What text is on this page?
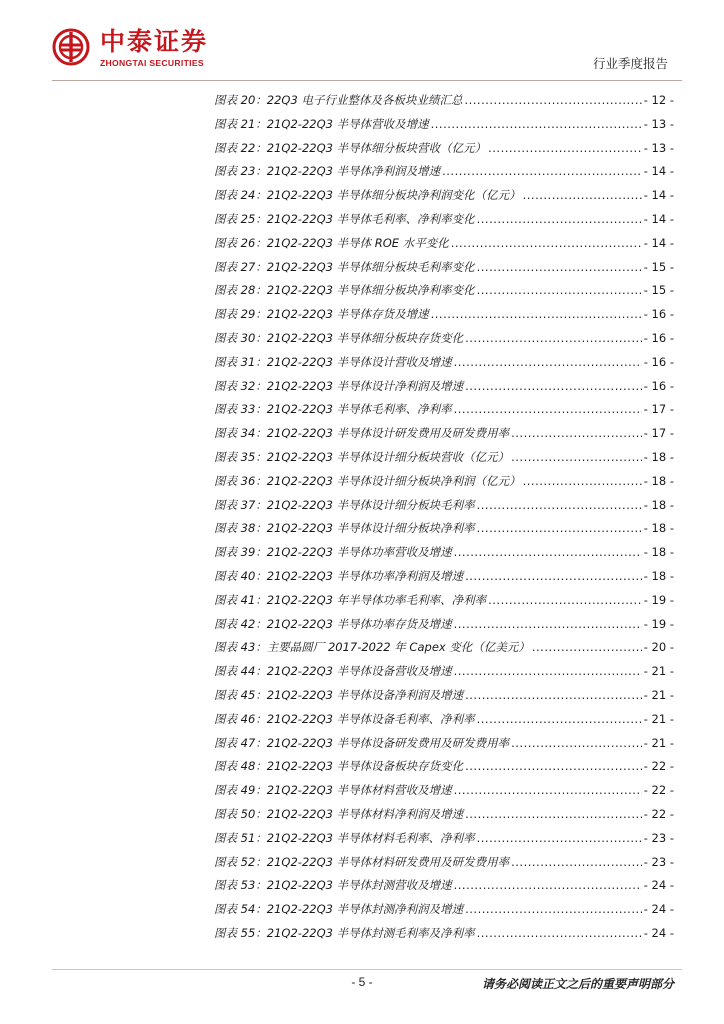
中泰证券
ZHONGTAI SECURITIES	行业季度报告
图表 20：22Q3 电子行业整体及各板块业绩汇总 .....	- 12 -
图表 21：21Q2-22Q3 半导体营收及增速 .....	- 13 -
图表 22：21Q2-22Q3 半导体细分板块营收（亿元） .....	- 13 -
图表 23：21Q2-22Q3 半导体净利润及增速 .....	- 14 -
图表 24：21Q2-22Q3 半导体细分板块净利润变化（亿元） .....	- 14 -
图表 25：21Q2-22Q3 半导体毛利率、净利率变化 .....	- 14 -
图表 26：21Q2-22Q3 半导体 ROE 水平变化 .....	- 14 -
图表 27：21Q2-22Q3 半导体细分板块毛利率变化 .....	- 15 -
图表 28：21Q2-22Q3 半导体细分板块净利率变化 .....	- 15 -
图表 29：21Q2-22Q3 半导体存货及增速 .....	- 16 -
图表 30：21Q2-22Q3 半导体细分板块存货变化 .....	- 16 -
图表 31：21Q2-22Q3 半导体设计营收及增速 .....	- 16 -
图表 32：21Q2-22Q3 半导体设计净利润及增速 .....	- 16 -
图表 33：21Q2-22Q3 半导体毛利率、净利率 .....	- 17 -
图表 34：21Q2-22Q3 半导体设计研发费用及研发费用率 .....	- 17 -
图表 35：21Q2-22Q3 半导体设计细分板块营收（亿元） .....	- 18 -
图表 36：21Q2-22Q3 半导体设计细分板块净利润（亿元） .....	- 18 -
图表 37：21Q2-22Q3 半导体设计细分板块毛利率 .....	- 18 -
图表 38：21Q2-22Q3 半导体设计细分板块净利率 .....	- 18 -
图表 39：21Q2-22Q3 半导体功率营收及增速 .....	- 18 -
图表 40：21Q2-22Q3 半导体功率净利润及增速 .....	- 18 -
图表 41：21Q2-22Q3 年半导体功率毛利率、净利率 .....	- 19 -
图表 42：21Q2-22Q3 半导体功率存货及增速 .....	- 19 -
图表 43：主要晶圆厂 2017-2022 年 Capex 变化（亿美元） .....	- 20 -
图表 44：21Q2-22Q3 半导体设备营收及增速 .....	- 21 -
图表 45：21Q2-22Q3 半导体设备净利润及增速 .....	- 21 -
图表 46：21Q2-22Q3 半导体设备毛利率、净利率 .....	- 21 -
图表 47：21Q2-22Q3 半导体设备研发费用及研发费用率 .....	- 21 -
图表 48：21Q2-22Q3 半导体设备板块存货变化 .....	- 22 -
图表 49：21Q2-22Q3 半导体材料营收及增速 .....	- 22 -
图表 50：21Q2-22Q3 半导体材料净利润及增速 .....	- 22 -
图表 51：21Q2-22Q3 半导体材料毛利率、净利率 .....	- 23 -
图表 52：21Q2-22Q3 半导体材料研发费用及研发费用率 .....	- 23 -
图表 53：21Q2-22Q3 半导体封测营收及增速 .....	- 24 -
图表 54：21Q2-22Q3 半导体封测净利润及增速 .....	- 24 -
图表 55：21Q2-22Q3 半导体封测毛利率及净利率 .....	- 24 -
- 5 -	请务必阅读正文之后的重要声明部分
